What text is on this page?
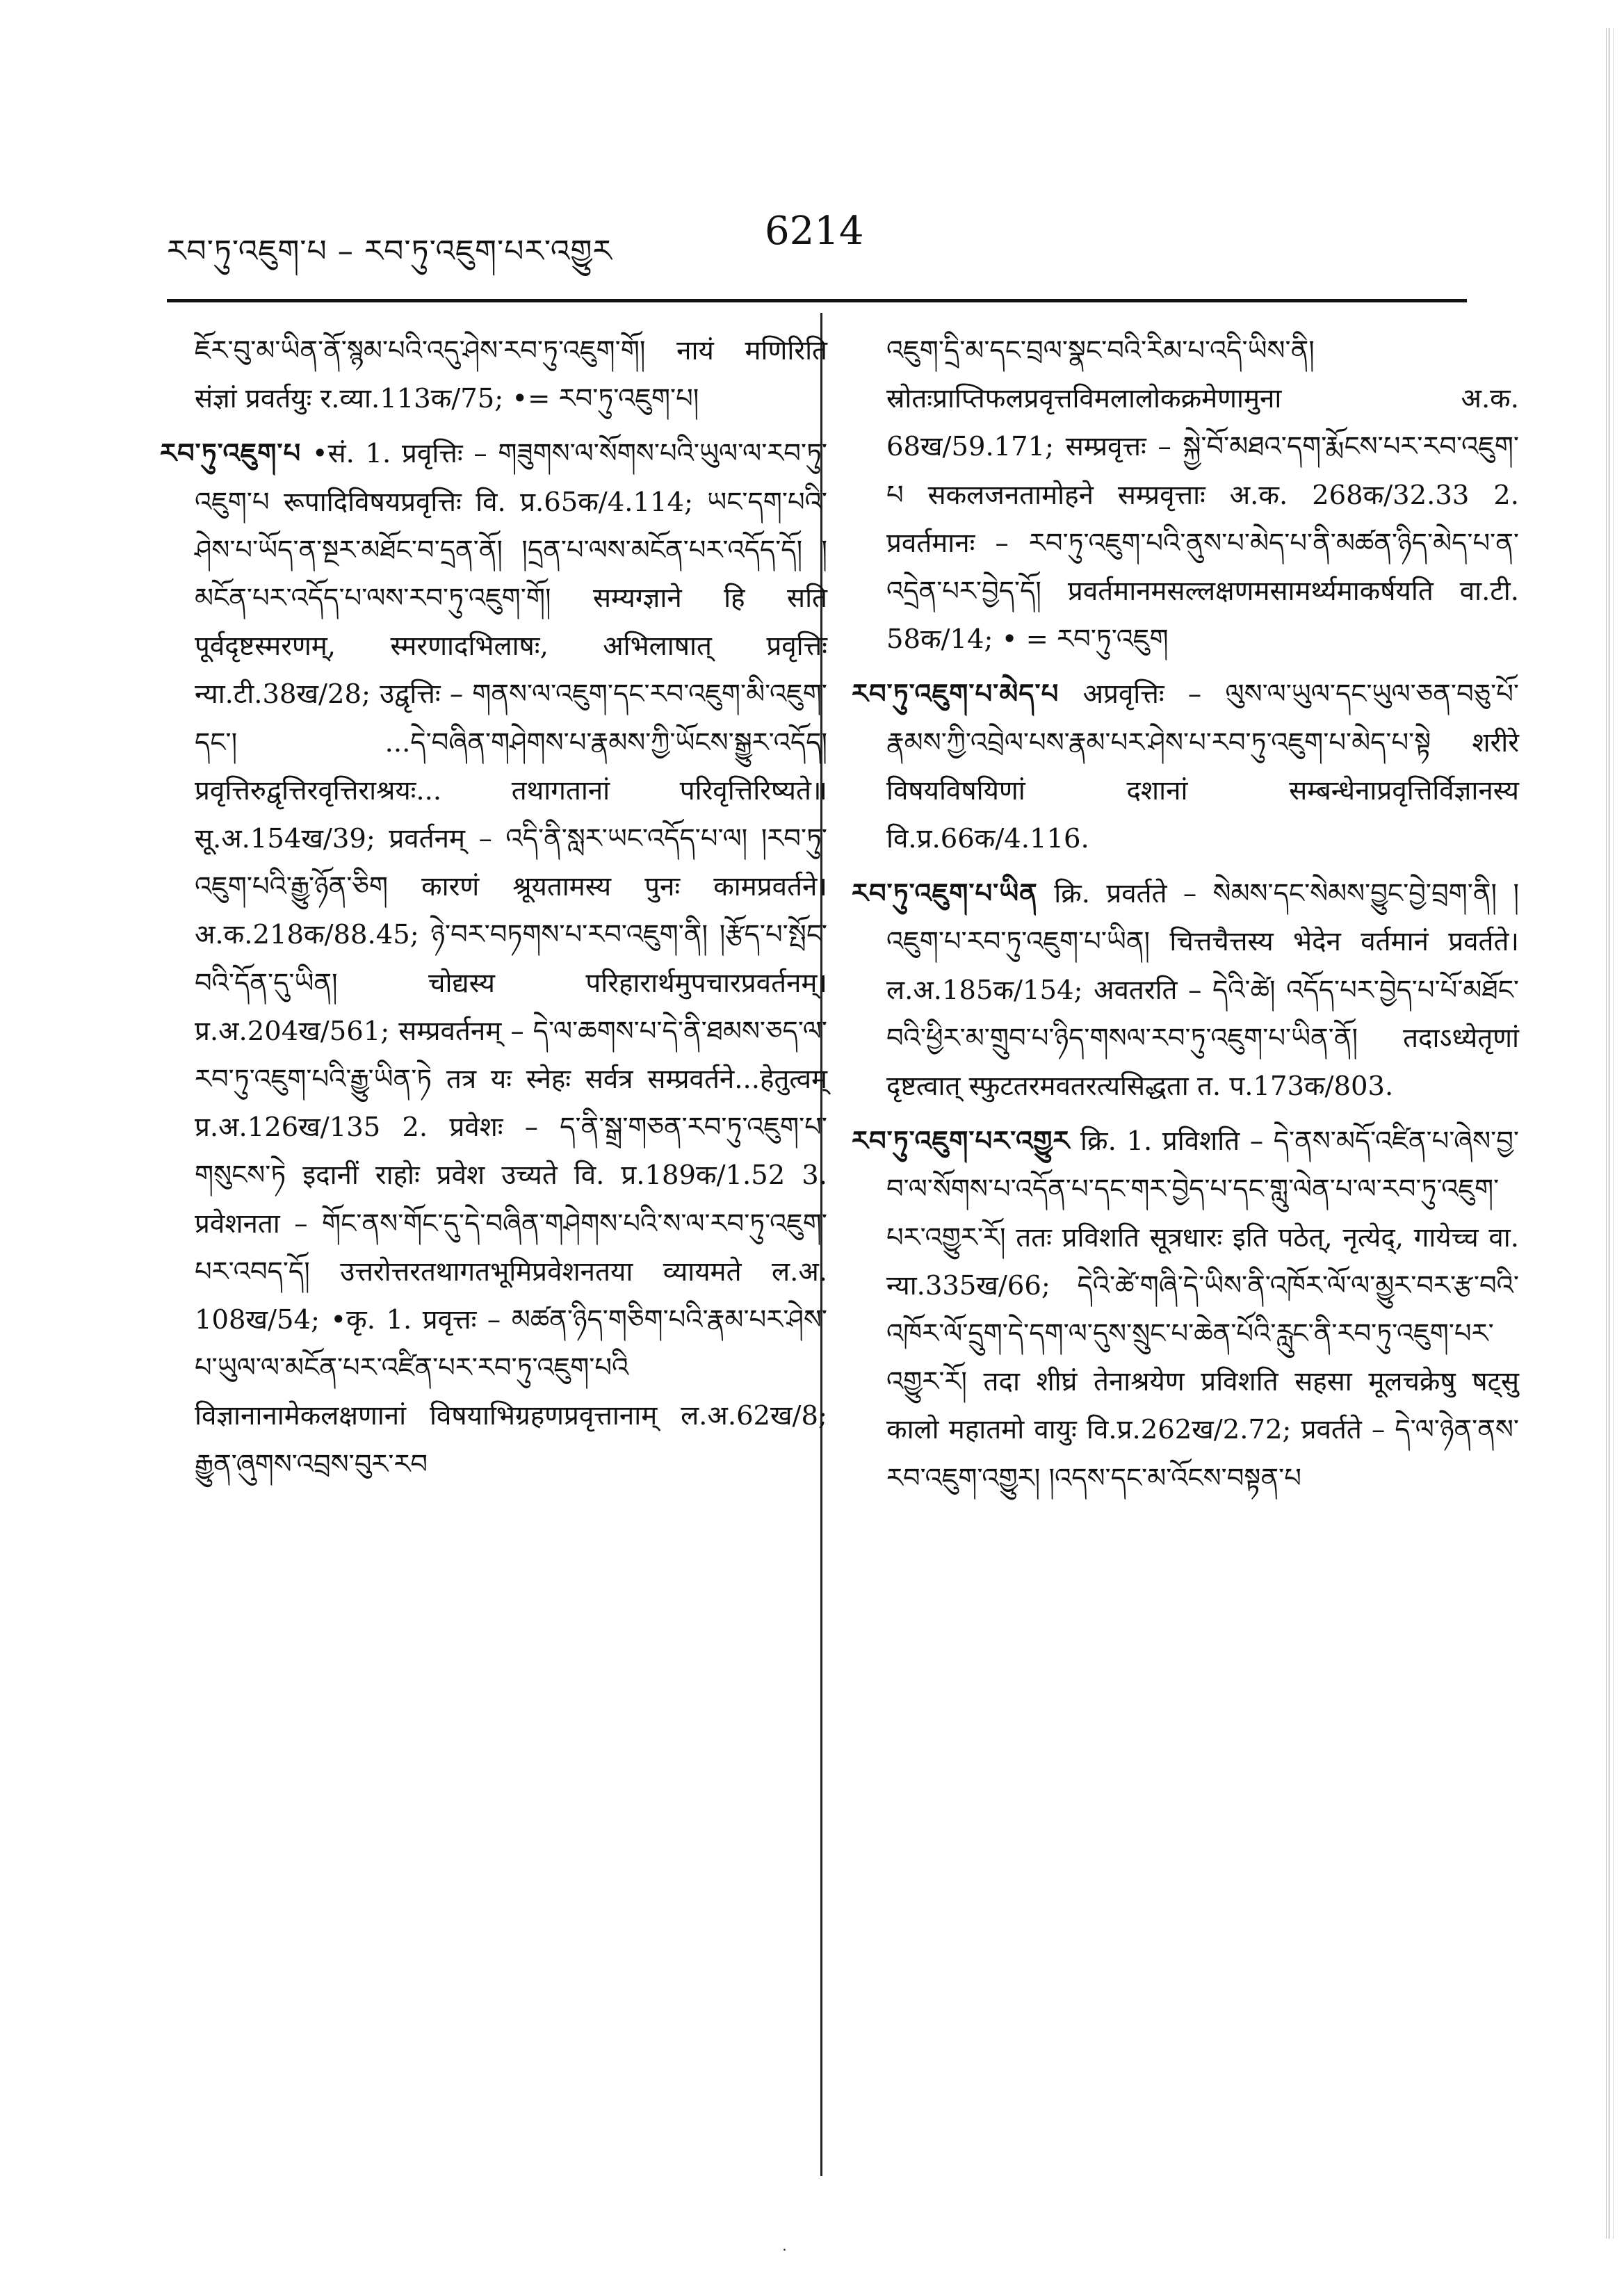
རབ་ཏུ་འཇུག་པ – རབ་ཏུ་འཇུག་པར་འགྱུར	6214
ཇོར་བུ་མ་ཡིན་ནོ་སྙམ་པའི་འདུ་ཤེས་རབ་ཏུ་འཇུག་གོ། नायं मणिरिति संज्ञां प्रवर्तयुः र.व्या.113क/75; •= རབ་ཏུ་འཇུག་པ།
རབ་ཏུ་འཇུག་པ •सं. 1. प्रवृत्तिः – གཟུགས་ལ་སོགས་པའི་ཡུལ་ལ་རབ་ཏུ་འཇུག་པ रूपादिविषयप्रवृत्तिः वि. प्र.65क/4.114; ཡང་དག་པའི་ཤེས་པ་ཡོད་ན་སྔར་མཐོང་བ་དྲན་ནོ། །དྲན་པ་ལས་མངོན་པར་འདོད་དོ། །མངོན་པར་འདོད་པ་ལས་རབ་ཏུ་འཇུག་གོ། सम्यग्ज्ञाने हि सति पूर्वदृष्टस्मरणम्, स्मरणादभिलाषः, अभिलाषात् प्रवृत्तिः न्या.टी.38ख/28; उद्वृत्तिः – གནས་ལ་འཇུག་དང་རབ་འཇུག་མི་འཇུག་དང་། ...དེ་བཞིན་གཤེགས་པ་རྣམས་ཀྱི་ཡོངས་སྒྱུར་འདོད། प्रवृत्तिरुद्वृत्तिरवृत्तिराश्रयः... तथागतानां परिवृत्तिरिष्यते॥ सू.अ.154ख/39; प्रवर्तनम् – འདི་ནི་སླར་ཡང་འདོད་པ་ལ། །རབ་ཏུ་འཇུག་པའི་རྒྱུ་ཉོན་ཅིག कारणं श्रूयतामस्य पुनः कामप्रवर्तने। अ.क.218क/88.45; ཉེ་བར་བཏགས་པ་རབ་འཇུག་ནི། །རྩོད་པ་སྤོང་བའི་དོན་དུ་ཡིན། चोद्यस्य परिहारार्थमुपचारप्रवर्तनम्। प्र.अ.204ख/561; सम्प्रवर्तनम् – དེ་ལ་ཆགས་པ་དེ་ནི་ཐམས་ཅད་ལ་རབ་ཏུ་འཇུག་པའི་རྒྱུ་ཡིན་ཏེ तत्र यः स्नेहः सर्वत्र सम्प्रवर्तने...हेतुत्वम् प्र.अ.126ख/135 2. प्रवेशः – ད་ནི་སྒྲ་གཅན་རབ་ཏུ་འཇུག་པ་གསུངས་ཏེ इदानीं राहोः प्रवेश उच्यते वि. प्र.189क/1.52 3. प्रवेशनता – གོང་ནས་གོང་དུ་དེ་བཞིན་གཤེགས་པའི་ས་ལ་རབ་ཏུ་འཇུག་པར་འབད་དོ། उत्तरोत्तरतथागतभूमिप्रवेशनतया व्यायमते ल.अ. 108ख/54; •कृ. 1. प्रवृत्तः – མཚན་ཉིད་གཅིག་པའི་རྣམ་པར་ཤེས་པ་ཡུལ་ལ་མངོན་པར་འཛིན་པར་རབ་ཏུ་འཇུག་པའི विज्ञानानामेकलक्षणानां विषयाभिग्रहणप्रवृत्तानाम् ल.अ.62ख/8; རྒྱུན་ཞུགས་འབྲས་བུར་རབ
འཇུག་དྲི་མ་དང་བྲལ་སྣང་བའི་རིམ་པ་འདི་ཡིས་ནི། स्रोतःप्राप्तिफलप्रवृत्तविमलालोकक्रमेणामुना अ.क. 68ख/59.171; सम्प्रवृत्तः – སྐྱེ་བོ་མཐའ་དག་རྨོངས་པར་རབ་འཇུག་པ सकलजनतामोहने सम्प्रवृत्ताः अ.क. 268क/32.33 2. प्रवर्तमानः – རབ་ཏུ་འཇུག་པའི་ནུས་པ་མེད་པ་ནི་མཚན་ཉིད་མེད་པ་ན་འདྲེན་པར་བྱེད་དོ། प्रवर्तमानमसल्लक्षणमसामर्थ्यमाकर्षयति वा.टी. 58क/14; • = རབ་ཏུ་འཇུག
རབ་ཏུ་འཇུག་པ་མེད་པ अप्रवृत्तिः – ལུས་ལ་ཡུལ་དང་ཡུལ་ཅན་བཅུ་པོ་རྣམས་ཀྱི་འབྲེལ་པས་རྣམ་པར་ཤེས་པ་རབ་ཏུ་འཇུག་པ་མེད་པ་སྟེ शरीरे विषयविषयिणां दशानां सम्बन्धेनाप्रवृत्तिर्विज्ञानस्य वि.प्र.66क/4.116.
རབ་ཏུ་འཇུག་པ་ཡིན क्रि. प्रवर्तते – སེམས་དང་སེམས་བྱུང་བྱེ་བྲག་ནི། །འཇུག་པ་རབ་ཏུ་འཇུག་པ་ཡིན། चित्तचैत्तस्य भेदेन वर्तमानं प्रवर्तते। ल.अ.185क/154; अवतरति – དེའི་ཚེ། འདོད་པར་བྱེད་པ་པོ་མཐོང་བའི་ཕྱིར་མ་གྲུབ་པ་ཉིད་གསལ་རབ་ཏུ་འཇུག་པ་ཡིན་ནོ། तदाऽध्येतृणां दृष्टत्वात् स्फुटतरमवतरत्यसिद्धता त. प.173क/803.
རབ་ཏུ་འཇུག་པར་འགྱུར क्रि. 1. प्रविशति – དེ་ནས་མདོ་འཛིན་པ་ཞེས་བྱ་བ་ལ་སོགས་པ་འདོན་པ་དང་གར་བྱེད་པ་དང་གླུ་ལེན་པ་ལ་རབ་ཏུ་འཇུག་པར་འགྱུར་རོ། ततः प्रविशति सूत्रधारः इति पठेत्, नृत्येद्, गायेच्च वा. न्या.335ख/66; དེའི་ཚེ་གཞི་དེ་ཡིས་ནི་འཁོར་ལོ་ལ་མྱུར་བར་རྩ་བའི་འཁོར་ལོ་དྲུག་དེ་དག་ལ་དུས་སྲུང་པ་ཆེན་པོའི་རླུང་ནི་རབ་ཏུ་འཇུག་པར་འགྱུར་རོ། तदा शीघ्रं तेनाश्रयेण प्रविशति सहसा मूलचक्रेषु षट्सु कालो महातमो वायुः वि.प्र.262ख/2.72; प्रवर्तते – དེ་ལ་ཉེན་ནས་རབ་འཇུག་འགྱུར། །འདས་དང་མ་འོངས་བསྟན་པ
·
